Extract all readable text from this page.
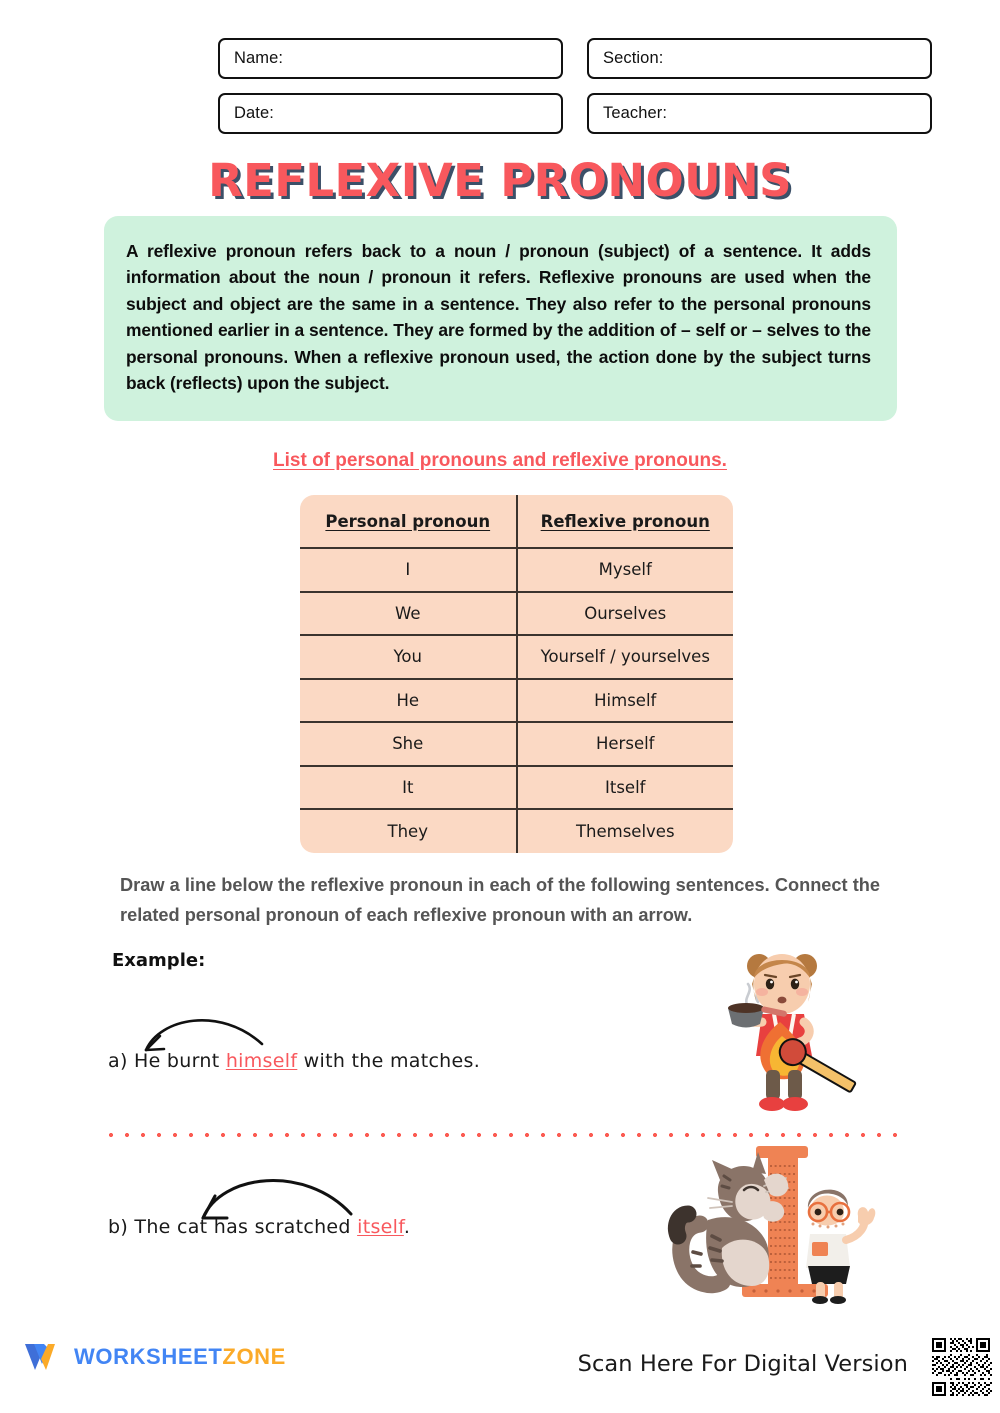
Name:	Section:
Date:	Teacher:
REFLEXIVE PRONOUNS
A reflexive pronoun refers back to a noun / pronoun (subject) of a sentence. It adds information about the noun / pronoun it refers. Reflexive pronouns are used when the subject and object are the same in a sentence. They also refer to the personal pronouns mentioned earlier in a sentence. They are formed by the addition of – self or – selves to the personal pronouns. When a reflexive pronoun used, the action done by the subject turns back (reflects) upon the subject.
List of personal pronouns and reflexive pronouns.
Personal pronoun	Reflexive pronoun
I	Myself
We	Ourselves
You	Yourself / yourselves
He	Himself
She	Herself
It	Itself
They	Themselves
Draw a line below the reflexive pronoun in each of the following sentences. Connect the related personal pronoun of each reflexive pronoun with an arrow.
Example:
a) He burnt himself with the matches.
b) The cat has scratched itself.
WORKSHEETZONE	Scan Here For Digital Version
